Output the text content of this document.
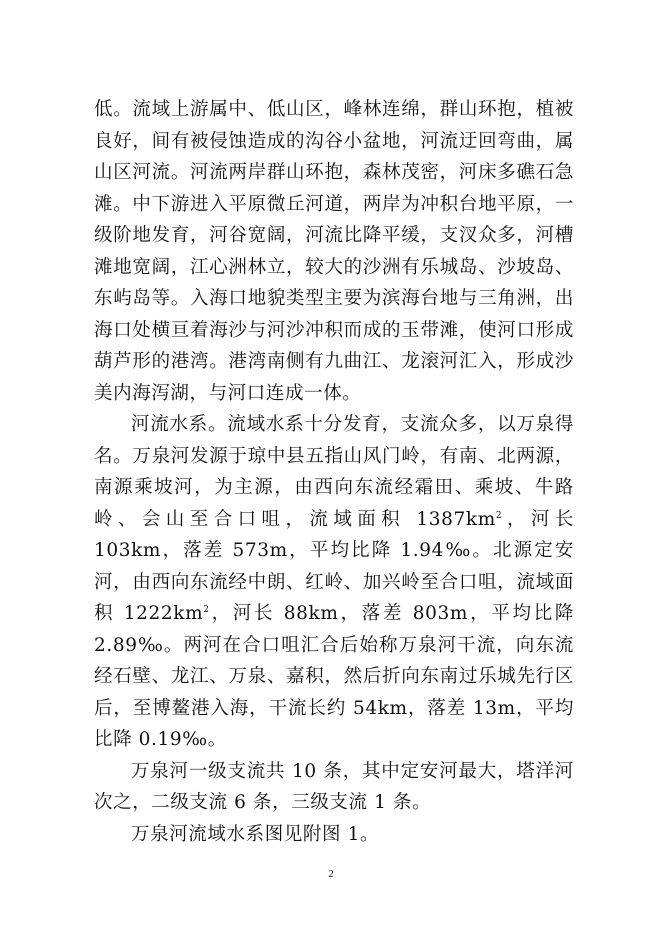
低。流域上游属中、低山区，峰林连绵，群山环抱，植被良好，间有被侵蚀造成的沟谷小盆地，河流迂回弯曲，属山区河流。河流两岸群山环抱，森林茂密，河床多礁石急滩。中下游进入平原微丘河道，两岸为冲积台地平原，一级阶地发育，河谷宽阔，河流比降平缓，支汊众多，河槽滩地宽阔，江心洲林立，较大的沙洲有乐城岛、沙坡岛、东屿岛等。入海口地貌类型主要为滨海台地与三角洲，出海口处横亘着海沙与河沙冲积而成的玉带滩，使河口形成葫芦形的港湾。港湾南侧有九曲江、龙滚河汇入，形成沙美内海泻湖，与河口连成一体。

河流水系。流域水系十分发育，支流众多，以万泉得名。万泉河发源于琼中县五指山风门岭，有南、北两源，南源乘坡河，为主源，由西向东流经霜田、乘坡、牛路岭、会山至合口咀，流域面积 $1387km^2$，河长 103km，落差 573m，平均比降 1.94‰。北源定安河，由西向东流经中朗、红岭、加兴岭至合口咀，流域面积 $1222km^2$，河长 88km，落差 803m，平均比降 2.89‰。两河在合口咀汇合后始称万泉河干流，向东流经石壁、龙江、万泉、嘉积，然后折向东南过乐城先行区后，至博鳌港入海，干流长约 54km，落差 13m，平均比降 0.19‰。

万泉河一级支流共 10 条，其中定安河最大，塔洋河次之，二级支流 6 条，三级支流 1 条。

万泉河流域水系图见附图 1。

2
